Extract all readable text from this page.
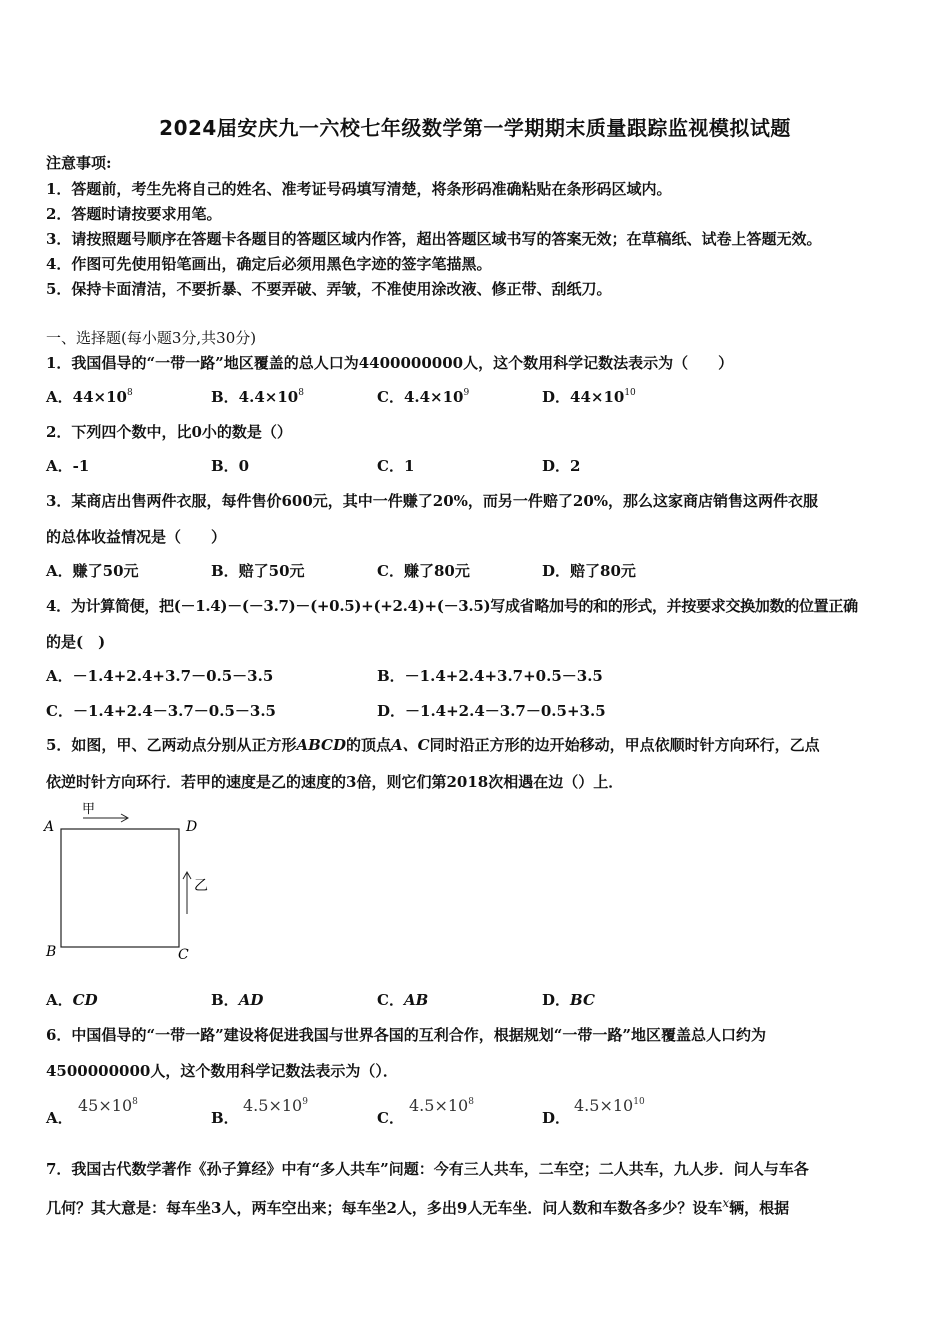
2024届安庆九一六校七年级数学第一学期期末质量跟踪监视模拟试题
注意事项:
1．答题前，考生先将自己的姓名、准考证号码填写清楚，将条形码准确粘贴在条形码区域内。
2．答题时请按要求用笔。
3．请按照题号顺序在答题卡各题目的答题区域内作答，超出答题区域书写的答案无效；在草稿纸、试卷上答题无效。
4．作图可先使用铅笔画出，确定后必须用黑色字迹的签字笔描黑。
5．保持卡面清洁，不要折暴、不要弄破、弄皱，不准使用涂改液、修正带、刮纸刀。
一、选择题(每小题3分,共30分)
1．我国倡导的“一带一路”地区覆盖的总人口为4400000000人，这个数用科学记数法表示为（　　）
A．$44\times 10^8$	B．$4.4\times 10^8$	C．$4.4\times 10^9$	D．$44\times 10^{10}$
2．下列四个数中，比0小的数是（）
A．-1	B．0	C．1	D．2
3．某商店出售两件衣服，每件售价600元，其中一件赚了20%，而另一件赔了20%，那么这家商店销售这两件衣服
的总体收益情况是（　　）
A．赚了50元	B．赔了50元	C．赚了80元	D．赔了80元
4．为计算简便，把(－1.4)－(－3.7)－(+0.5)+(+2.4)+(－3.5)写成省略加号的和的形式，并按要求交换加数的位置正确
的是(　)
A．－1.4+2.4+3.7－0.5－3.5	B．－1.4+2.4+3.7+0.5－3.5
C．－1.4+2.4－3.7－0.5－3.5	D．－1.4+2.4－3.7－0.5+3.5
5．如图，甲、乙两动点分别从正方形ABCD的顶点A、C同时沿正方形的边开始移动，甲点依顺时针方向环行，乙点
依逆时针方向环行．若甲的速度是乙的速度的3倍，则它们第2018次相遇在边（）上．
A	D
B	C
甲
乙
A．CD	B．AD	C．AB	D．BC
6．中国倡导的“一带一路”建设将促进我国与世界各国的互利合作，根据规划“一带一路”地区覆盖总人口约为
4500000000人，这个数用科学记数法表示为（）．
A．
$45\times 10^8$
B．
$4.5\times 10^9$
C．
$4.5\times 10^8$
D．
$4.5\times 10^{10}$
7．我国古代数学著作《孙子算经》中有“多人共车”问题：今有三人共车，二车空；二人共车，九人步．问人与车各
几何？其大意是：每车坐3人，两车空出来；每车坐2人，多出9人无车坐．问人数和车数各多少？设车$^x$辆，根据
